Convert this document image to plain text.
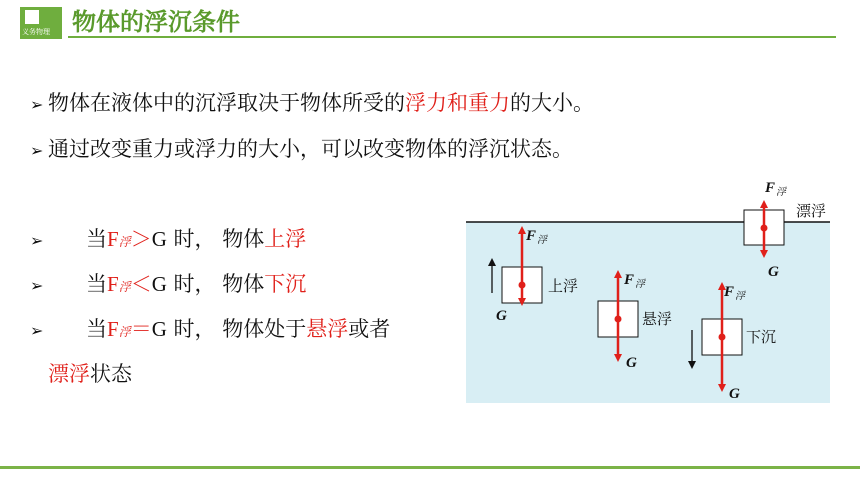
义务物理 物体的浮沉条件
➢ 物体在液体中的沉浮取决于物体所受的浮力和重力的大小。
➢ 通过改变重力或浮力的大小，可以改变物体的浮沉状态。
➢ 当F浮＞G 时， 物体上浮
➢ 当F浮＜G 时， 物体下沉
➢ 当F浮＝G 时， 物体处于悬浮或者
漂浮状态
F 浮
G
漂浮
F 浮
G
上浮	F 浮
G
悬浮
F 浮
G
下沉
